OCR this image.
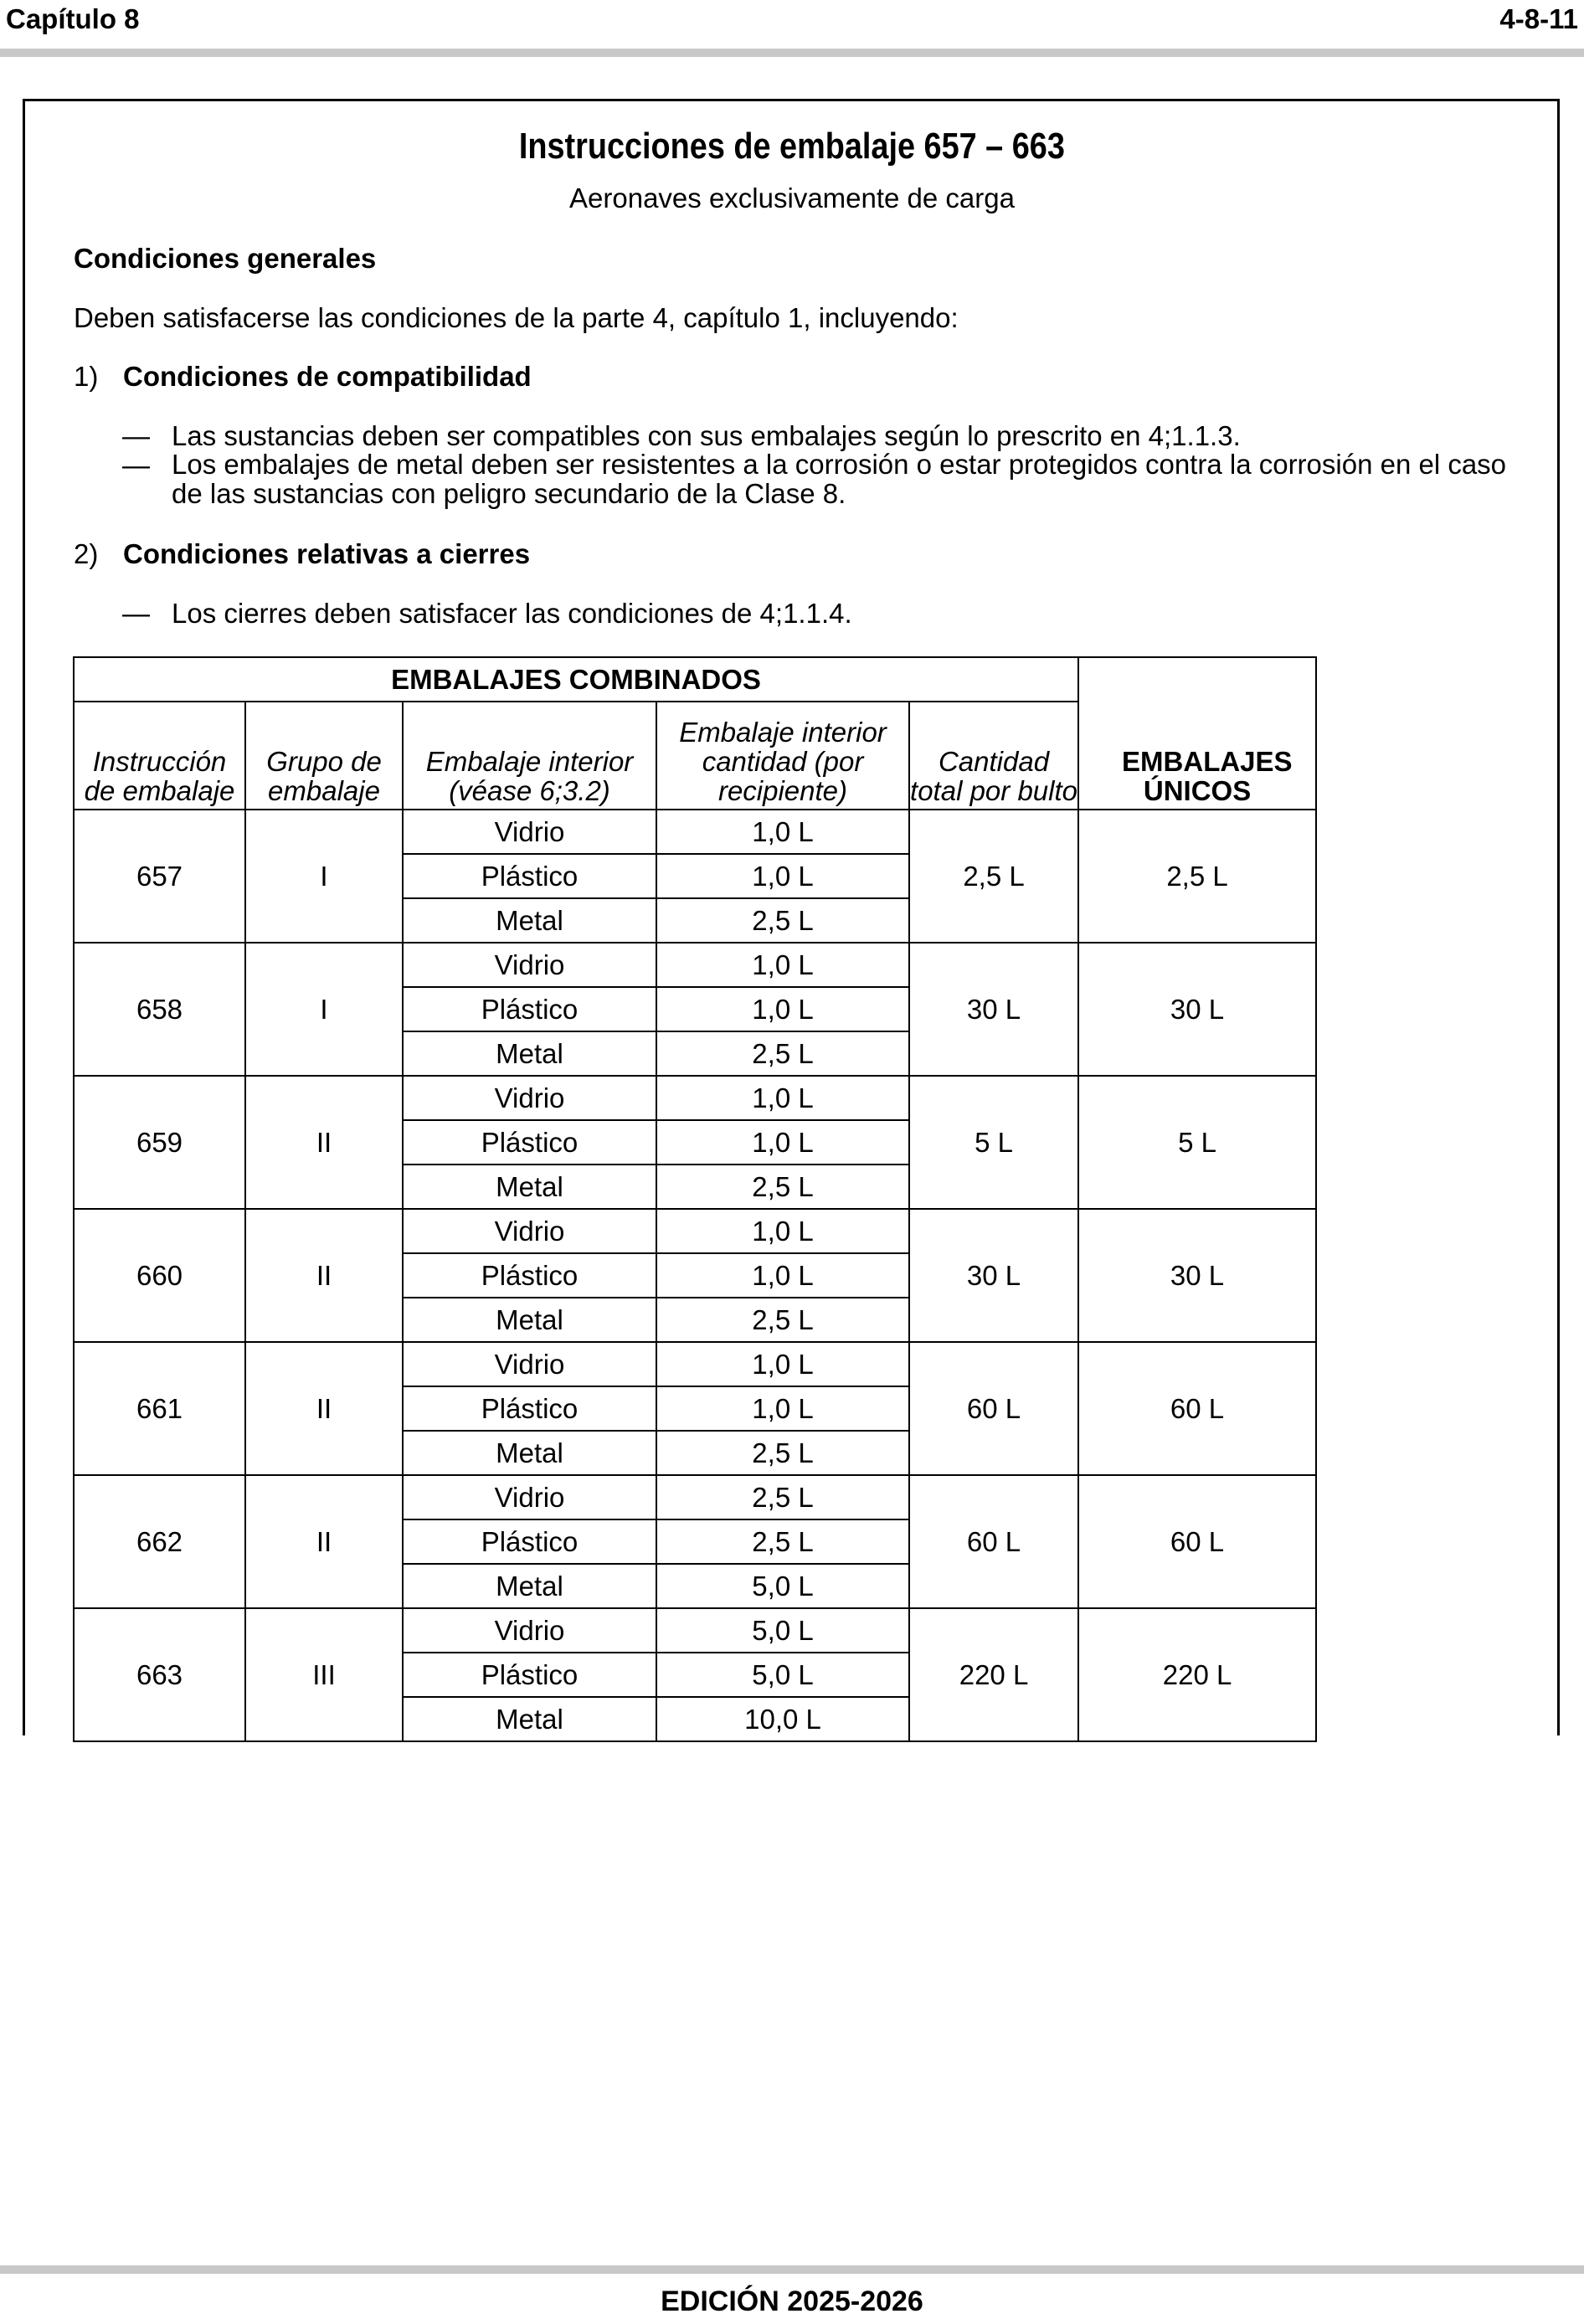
Capítulo 8	4-8-11
Instrucciones de embalaje 657 – 663
Aeronaves exclusivamente de carga
Condiciones generales
Deben satisfacerse las condiciones de la parte 4, capítulo 1, incluyendo:
1) Condiciones de compatibilidad
— Las sustancias deben ser compatibles con sus embalajes según lo prescrito en 4;1.1.3.
— Los embalajes de metal deben ser resistentes a la corrosión o estar protegidos contra la corrosión en el caso de las sustancias con peligro secundario de la Clase 8.
2) Condiciones relativas a cierres
— Los cierres deben satisfacer las condiciones de 4;1.1.4.
EMBALAJES COMBINADOS					EMBALAJES ÚNICOS
Instrucción de embalaje	Grupo de embalaje	Embalaje interior (véase 6;3.2)	Embalaje interior cantidad (por recipiente)	Cantidad total por bulto	
657	I	Vidrio	1,0 L	2,5 L	2,5 L
		Plástico	1,0 L		
		Metal	2,5 L		
658	I	Vidrio	1,0 L	30 L	30 L
		Plástico	1,0 L		
		Metal	2,5 L		
659	II	Vidrio	1,0 L	5 L	5 L
		Plástico	1,0 L		
		Metal	2,5 L		
660	II	Vidrio	1,0 L	30 L	30 L
		Plástico	1,0 L		
		Metal	2,5 L		
661	II	Vidrio	1,0 L	60 L	60 L
		Plástico	1,0 L		
		Metal	2,5 L		
662	II	Vidrio	2,5 L	60 L	60 L
		Plástico	2,5 L		
		Metal	5,0 L		
663	III	Vidrio	5,0 L	220 L	220 L
		Plástico	5,0 L		
		Metal	10,0 L		
EDICIÓN 2025-2026
